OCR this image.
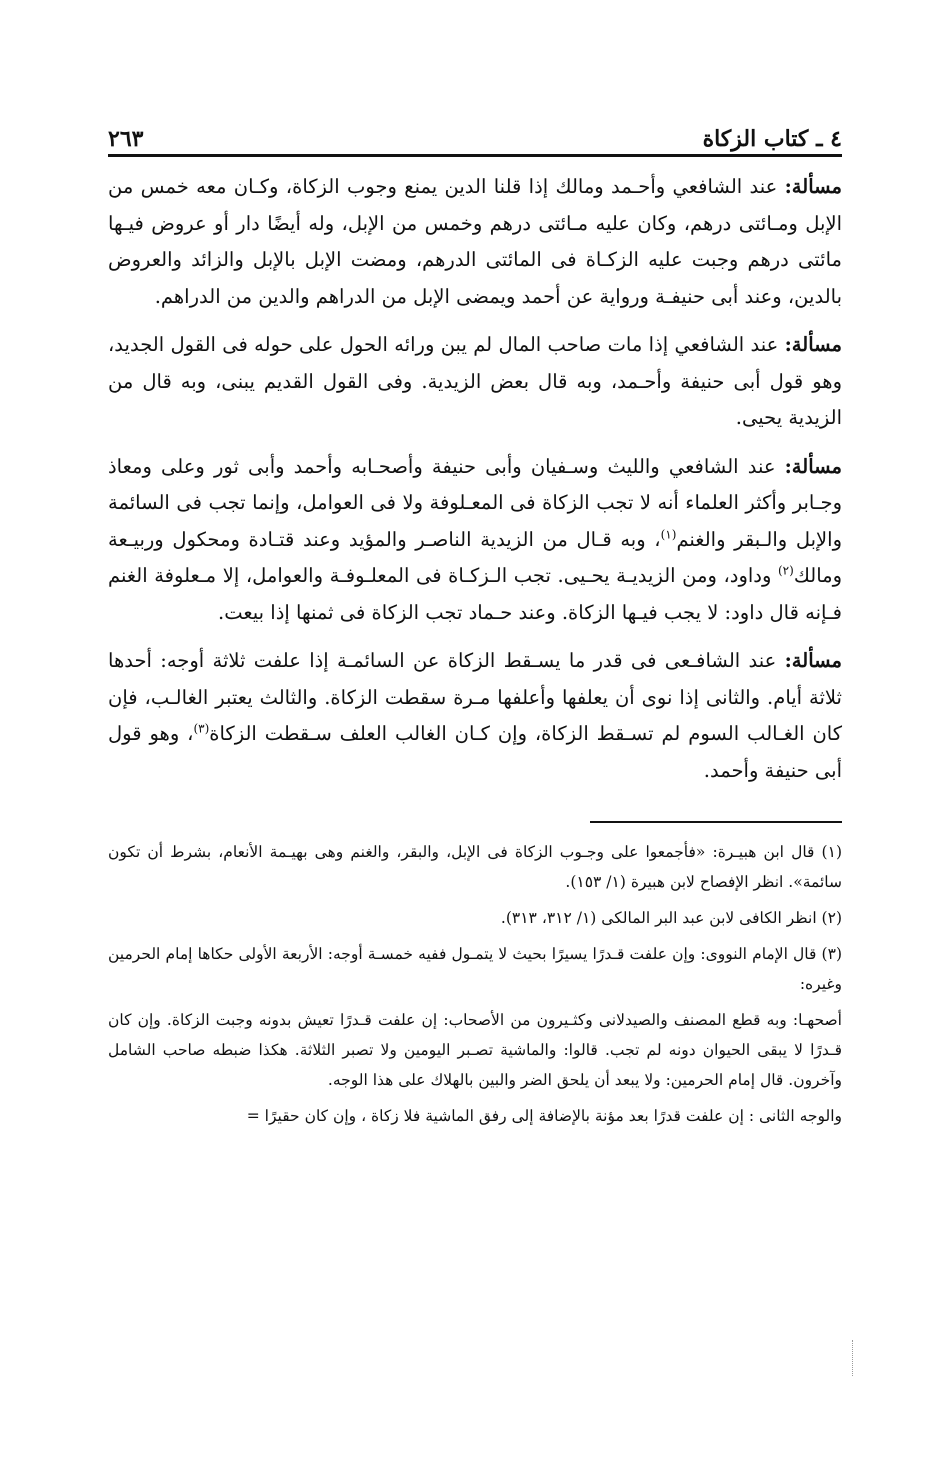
٤ ـ كتاب الزكاة
٢٦٣

مسألة: عند الشافعي وأحـمد ومالك إذا قلنا الدين يمنع وجوب الزكاة، وكـان معه خمس من الإبل ومـائتى درهم، وكان عليه مـائتى درهم وخمس من الإبل، وله أيضًا دار أو عروض فيـها مائتى درهم وجبت عليه الزكـاة فى المائتى الدرهم، ومضت الإبل بالإبل والزائد والعروض بالدين، وعند أبى حنيفـة ورواية عن أحمد ويمضى الإبل من الدراهم والدين من الدراهم.

مسألة: عند الشافعي إذا مات صاحب المال لم يبن ورائه الحول على حوله فى القول الجديد، وهو قول أبى حنيفة وأحـمد، وبه قال بعض الزيدية. وفى القول القديم يبنى، وبه قال من الزيدية يحيى.

مسألة: عند الشافعي والليث وسـفيان وأبى حنيفة وأصحـابه وأحمد وأبى ثور وعلى ومعاذ وجـابر وأكثر العلماء أنه لا تجب الزكاة فى المعـلوفة ولا فى العوامل، وإنما تجب فى السائمة والإبل والـبقر والغنم$^{(١)}$، وبه قـال من الزيدية الناصـر والمؤيد وعند قتـادة ومحكول وربيـعة ومالك$^{(٢)}$ وداود، ومن الزيديـة يحـيى. تجب الـزكـاة فى المعلـوفـة والعوامل، إلا مـعلوفة الغنم فـإنه قال داود: لا يجب فيـها الزكاة. وعند حـماد تجب الزكاة فى ثمنها إذا بيعت.

مسألة: عند الشافـعى فى قدر ما يسـقط الزكاة عن السائمـة إذا علفت ثلاثة أوجه: أحدها ثلاثة أيام. والثانى إذا نوى أن يعلفها وأعلفها مـرة سقطت الزكاة. والثالث يعتبر الغالـب، فإن كان الغـالب السوم لم تسـقط الزكاة، وإن كـان الغالب العلف سـقطت الزكاة$^{(٣)}$، وهو قول أبى حنيفة وأحمد.

(١) قال ابن هبيـرة: «فأجمعوا على وجـوب الزكاة فى الإبل، والبقر، والغنم وهى بهيـمة الأنعام، بشرط أن تكون سائمة». انظر الإفصاح لابن هبيرة (١/ ١٥٣).

(٢) انظر الكافى لابن عبد البر المالكى (١/ ٣١٢، ٣١٣).

(٣) قال الإمام النووى: وإن علفت قـدرًا يسيرًا بحيث لا يتمـول ففيه خمسـة أوجه: الأربعة الأولى حكاها إمام الحرمين وغيره:

أصحهـا: وبه قطع المصنف والصيدلانى وكثـيرون من الأصحاب: إن علفت قـدرًا تعيش بدونه وجبت الزكاة. وإن كان قـدرًا لا يبقى الحيوان دونه لم تجب. قالوا: والماشية تصـبر اليومين ولا تصبر الثلاثة. هكذا ضبطه صاحب الشامل وآخرون. قال إمام الحرمين: ولا يبعد أن يلحق الضر والبين بالهلاك على هذا الوجه.

والوجه الثانى : إن علفت قدرًا بعد مؤنة بالإضافة إلى رفق الماشية فلا زكاة ، وإن كان حقيرًا =
